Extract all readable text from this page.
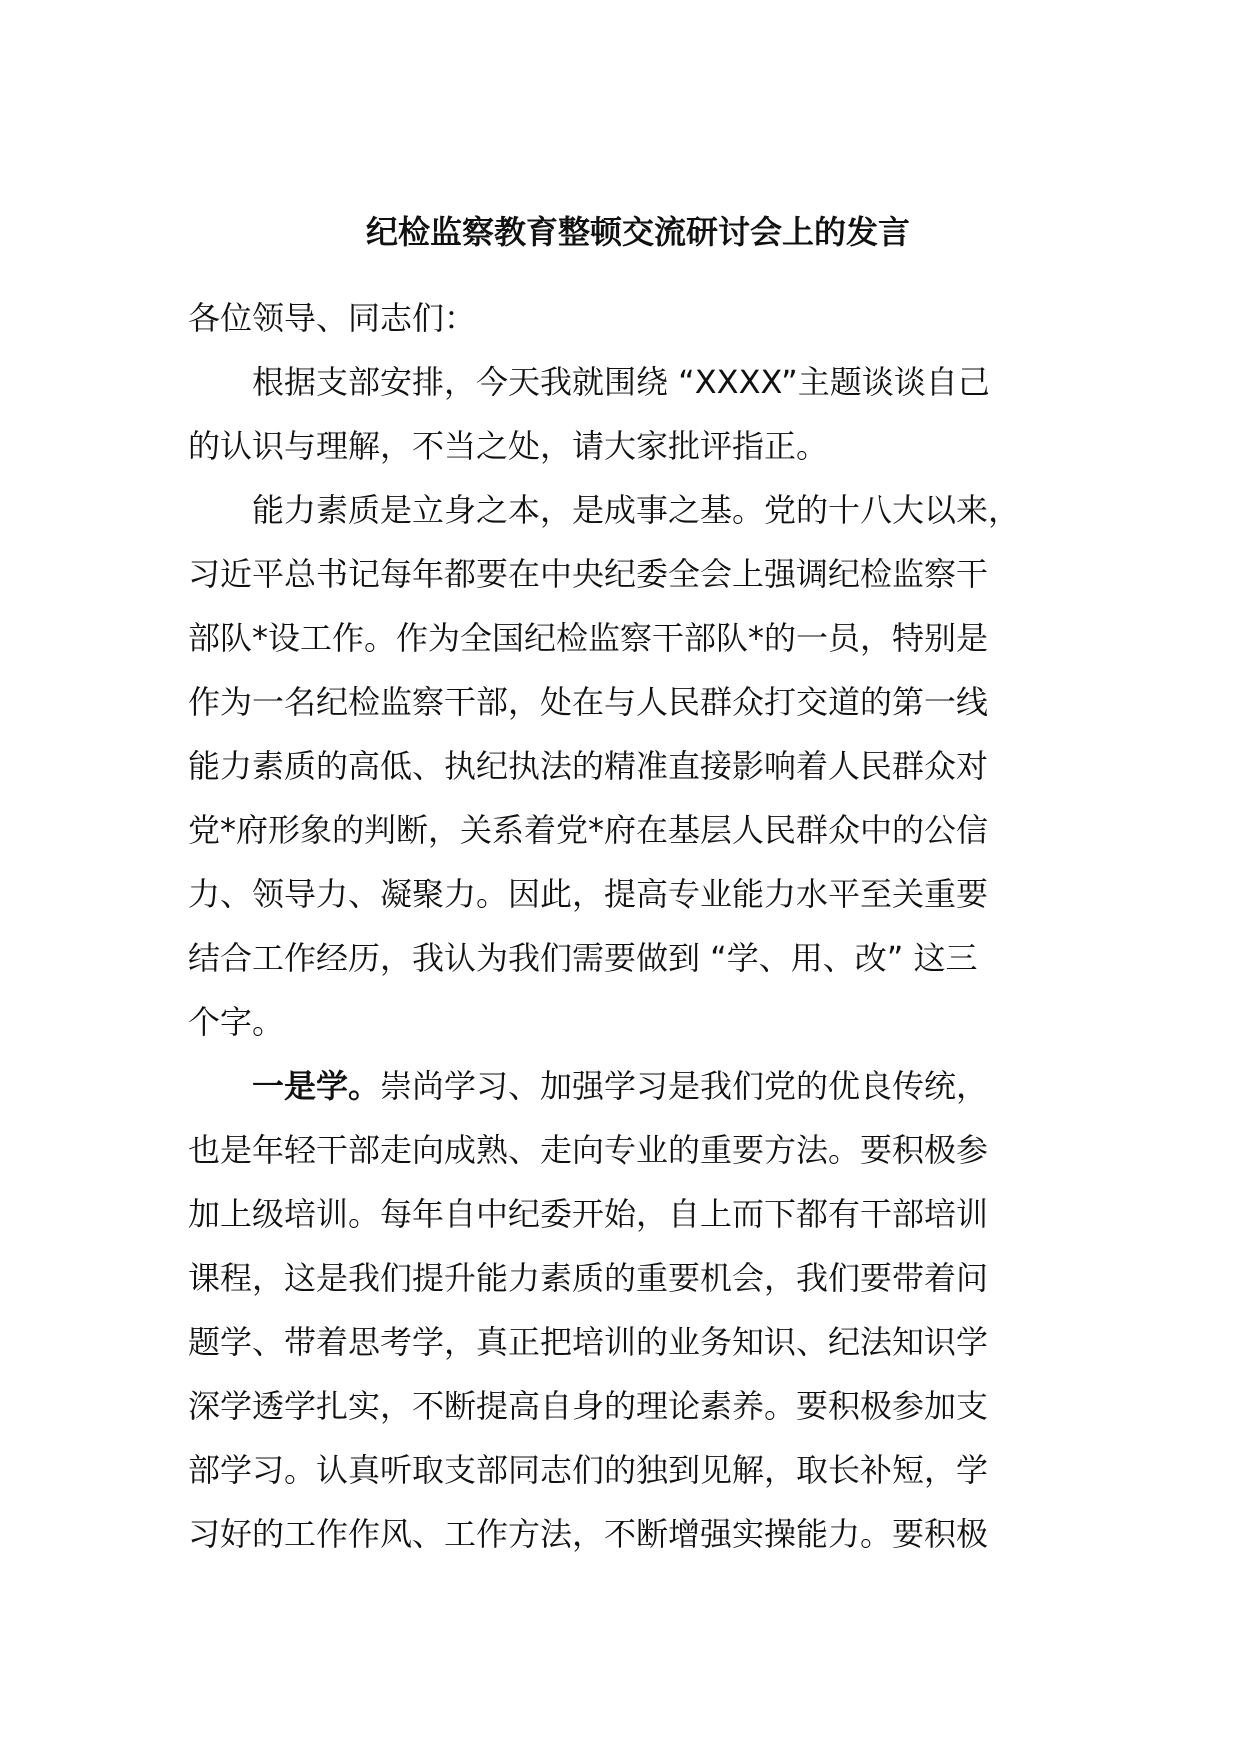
纪检监察教育整顿交流研讨会上的发言

各位领导、同志们：

根据支部安排，今天我就围绕 “XXXX”主题谈谈自己
的认识与理解，不当之处，请大家批评指正。

能力素质是立身之本，是成事之基。党的十八大以来，
习近平总书记每年都要在中央纪委全会上强调纪检监察干
部队*设工作。作为全国纪检监察干部队*的一员，特别是
作为一名纪检监察干部，处在与人民群众打交道的第一线
能力素质的高低、执纪执法的精准直接影响着人民群众对
党*府形象的判断，关系着党*府在基层人民群众中的公信
力、领导力、凝聚力。因此，提高专业能力水平至关重要
结合工作经历，我认为我们需要做到 “学、用、改” 这三
个字。

一是学。崇尚学习、加强学习是我们党的优良传统，
也是年轻干部走向成熟、走向专业的重要方法。要积极参
加上级培训。每年自中纪委开始，自上而下都有干部培训
课程，这是我们提升能力素质的重要机会，我们要带着问
题学、带着思考学，真正把培训的业务知识、纪法知识学
深学透学扎实，不断提高自身的理论素养。要积极参加支
部学习。认真听取支部同志们的独到见解，取长补短，学
习好的工作作风、工作方法，不断增强实操能力。要积极
